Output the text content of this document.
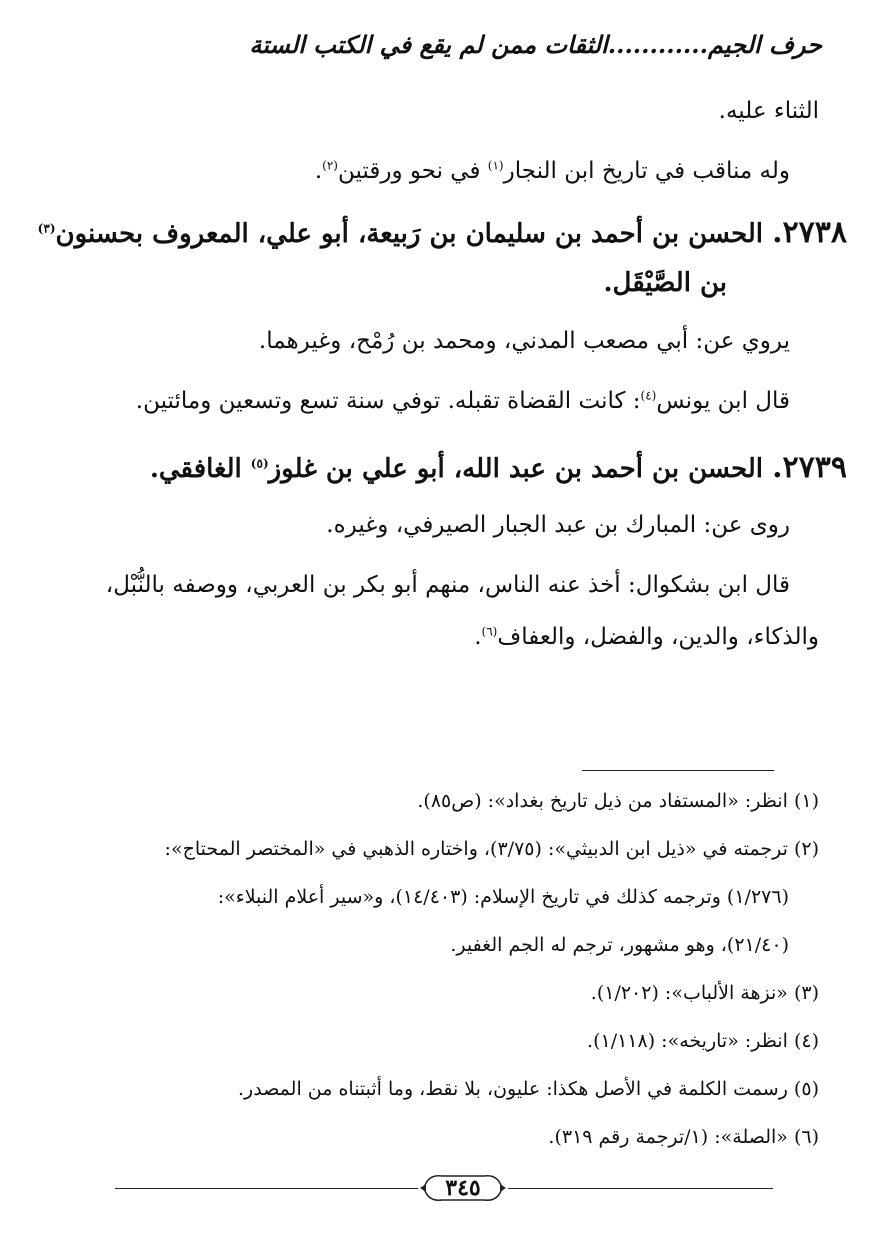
حرف الجيم............الثقات ممن لم يقع في الكتب الستة
الثناء عليه.
وله مناقب في تاريخ ابن النجار$^{(١)}$ في نحو ورقتين$^{(٢)}$.
٢٧٣٨. الحسن بن أحمد بن سليمان بن رَبيعة، أبو علي، المعروف بحسنون$^{(٣)}$
بن الصَّيْقَل.
يروي عن: أبي مصعب المدني، ومحمد بن رُمْح، وغيرهما.
قال ابن يونس$^{(٤)}$: كانت القضاة تقبله. توفي سنة تسع وتسعين ومائتين.
٢٧٣٩. الحسن بن أحمد بن عبد الله، أبو علي بن غلوز$^{(٥)}$ الغافقي.
روى عن: المبارك بن عبد الجبار الصيرفي، وغيره.
قال ابن بشكوال: أخذ عنه الناس، منهم أبو بكر بن العربي، ووصفه بالنُّبْل،
والذكاء، والدين، والفضل، والعفاف$^{(٦)}$.
(١) انظر: «المستفاد من ذيل تاريخ بغداد»: (ص٨٥).
(٢) ترجمته في «ذيل ابن الدبيثي»: (٣/٧٥)، واختاره الذهبي في «المختصر المحتاج»:
(١/٢٧٦) وترجمه كذلك في تاريخ الإسلام: (١٤/٤٠٣)، و«سير أعلام النبلاء»:
(٢١/٤٠)، وهو مشهور، ترجم له الجم الغفير.
(٣) «نزهة الألباب»: (١/٢٠٢).
(٤) انظر: «تاريخه»: (١/١١٨).
(٥) رسمت الكلمة في الأصل هكذا: عليون، بلا نقط، وما أثبتناه من المصدر.
(٦) «الصلة»: (١/ترجمة رقم ٣١٩).
٣٤٥
